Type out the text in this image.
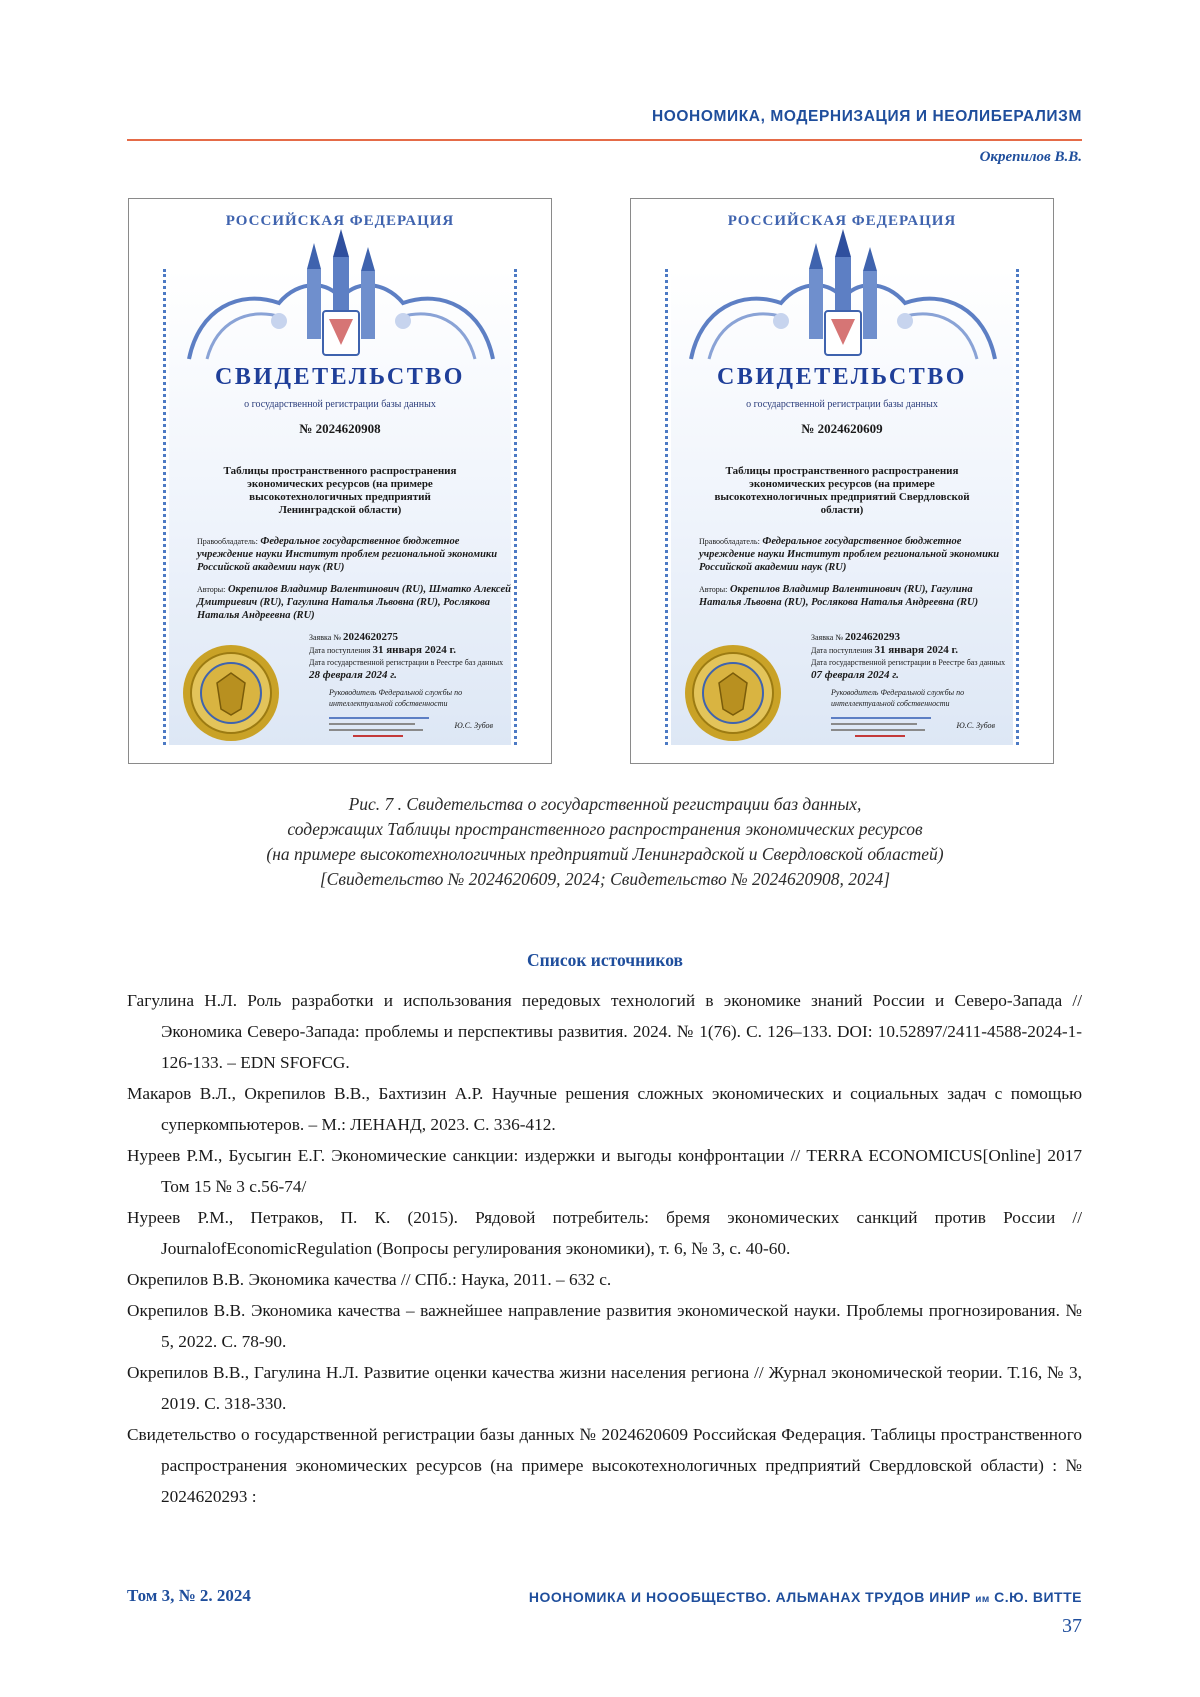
НООНОМИКА, МОДЕРНИЗАЦИЯ И НЕОЛИБЕРАЛИЗМ
Окрепилов В.В.
РОССИЙСКАЯ ФЕДЕРАЦИЯ
СВИДЕТЕЛЬСТВО
о государственной регистрации базы данных
№ 2024620908
Таблицы пространственного распространения экономических ресурсов (на примере высокотехнологичных предприятий Ленинградской области)
Правообладатель: Федеральное государственное бюджетное учреждение науки Институт проблем региональной экономики Российской академии наук (RU)
Авторы: Окрепилов Владимир Валентинович (RU), Шматко Алексей Дмитриевич (RU), Гагулина Наталья Львовна (RU), Рослякова Наталья Андреевна (RU)
Заявка № 2024620275
Дата поступления 31 января 2024 г.
Дата государственной регистрации в Реестре баз данных 28 февраля 2024 г.
Руководитель Федеральной службы по интеллектуальной собственности
Ю.С. Зубов
РОССИЙСКАЯ ФЕДЕРАЦИЯ
СВИДЕТЕЛЬСТВО
о государственной регистрации базы данных
№ 2024620609
Таблицы пространственного распространения экономических ресурсов (на примере высокотехнологичных предприятий Свердловской области)
Правообладатель: Федеральное государственное бюджетное учреждение науки Институт проблем региональной экономики Российской академии наук (RU)
Авторы: Окрепилов Владимир Валентинович (RU), Гагулина Наталья Львовна (RU), Рослякова Наталья Андреевна (RU)
Заявка № 2024620293
Дата поступления 31 января 2024 г.
Дата государственной регистрации в Реестре баз данных 07 февраля 2024 г.
Руководитель Федеральной службы по интеллектуальной собственности
Ю.С. Зубов

Рис. 7 . Свидетельства о государственной регистрации баз данных,

содержащих Таблицы пространственного распространения экономических ресурсов

(на примере высокотехнологичных предприятий Ленинградской и Свердловской областей)

[Свидетельство № 2024620609, 2024; Свидетельство № 2024620908, 2024]

Список источников
Гагулина Н.Л. Роль разработки и использования передовых технологий в экономике знаний России и Северо-Запада // Экономика Северо-Запада: проблемы и перспективы развития. 2024. № 1(76). С. 126–133. DOI: 10.52897/2411-4588-2024-1-126-133. – EDN SFOFCG.
Макаров В.Л., Окрепилов В.В., Бахтизин А.Р. Научные решения сложных экономических и социальных задач с помощью суперкомпьютеров. – М.: ЛЕНАНД, 2023. С. 336-412.
Нуреев Р.М., Бусыгин Е.Г. Экономические санкции: издержки и выгоды конфронтации // TERRA ECONOMICUS[Online] 2017 Том 15 № 3 с.56-74/
Нуреев Р.М., Петраков, П. К. (2015). Рядовой потребитель: бремя экономических санкций против России // JournalofEconomicRegulation (Вопросы регулирования экономики), т. 6, № 3, с. 40-60.
Окрепилов В.В. Экономика качества // СПб.: Наука, 2011. – 632 с.
Окрепилов В.В. Экономика качества – важнейшее направление развития экономической науки. Проблемы прогнозирования. № 5, 2022. С. 78-90.
Окрепилов В.В., Гагулина Н.Л. Развитие оценки качества жизни населения региона // Журнал экономической теории. Т.16, № 3, 2019. С. 318-330.
Свидетельство о государственной регистрации базы данных № 2024620609 Российская Федерация. Таблицы пространственного распространения экономических ресурсов (на примере высокотехнологичных предприятий Свердловской области) : № 2024620293 :
Том 3, № 2. 2024	НООНОМИКА И НОООБЩЕСТВО. АЛЬМАНАХ ТРУДОВ ИНИР им С.Ю. ВИТТЕ
37
